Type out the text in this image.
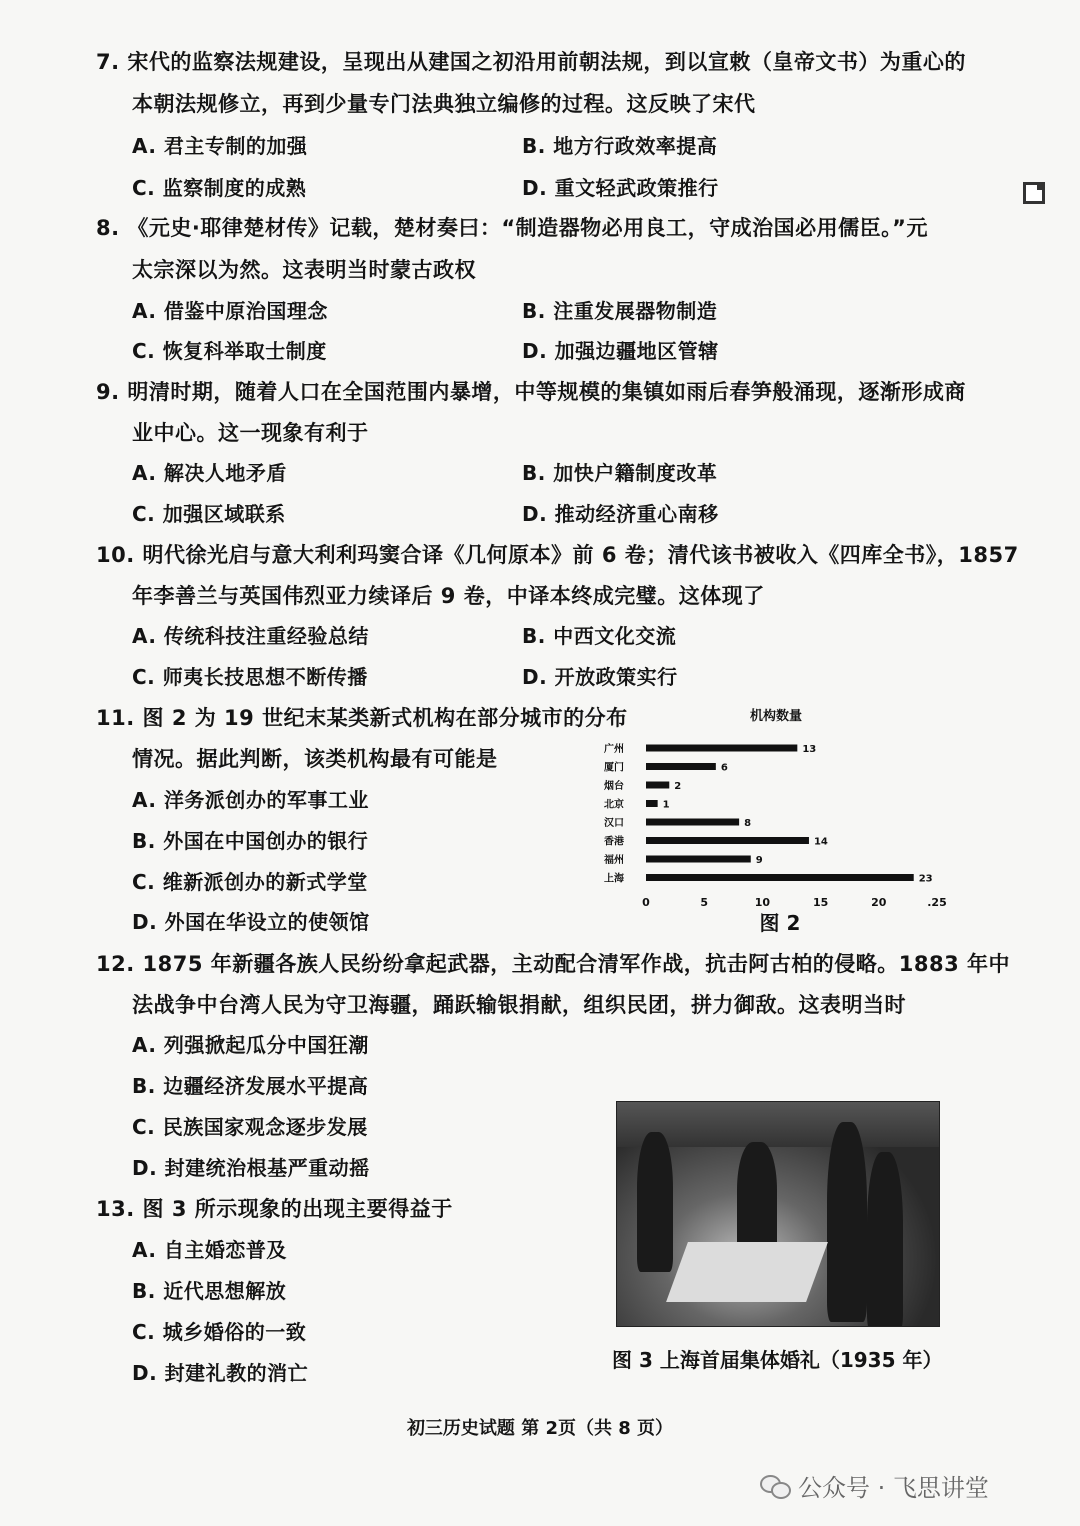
7. 宋代的监察法规建设，呈现出从建国之初沿用前朝法规，到以宣敕（皇帝文书）为重心的
本朝法规修立，再到少量专门法典独立编修的过程。这反映了宋代
A. 君主专制的加强	B. 地方行政效率提高
C. 监察制度的成熟	D. 重文轻武政策推行
8. 《元史·耶律楚材传》记载，楚材奏曰：“制造器物必用良工，守成治国必用儒臣。”元
太宗深以为然。这表明当时蒙古政权
A. 借鉴中原治国理念	B. 注重发展器物制造
C. 恢复科举取士制度	D. 加强边疆地区管辖
9. 明清时期，随着人口在全国范围内暴增，中等规模的集镇如雨后春笋般涌现，逐渐形成商
业中心。这一现象有利于
A. 解决人地矛盾	B. 加快户籍制度改革
C. 加强区域联系	D. 推动经济重心南移
10. 明代徐光启与意大利利玛窦合译《几何原本》前 6 卷；清代该书被收入《四库全书》，1857
年李善兰与英国伟烈亚力续译后 9 卷，中译本终成完璧。这体现了
A. 传统科技注重经验总结	B. 中西文化交流
C. 师夷长技思想不断传播	D. 开放政策实行
11. 图 2 为 19 世纪末某类新式机构在部分城市的分布
情况。据此判断，该类机构最有可能是
A. 洋务派创办的军事工业
B. 外国在中国创办的银行
C. 维新派创办的新式学堂
D. 外国在华设立的使领馆
机构数量
广州	13
厦门	6
烟台	2
北京	1
汉口	8
香港	14
福州	9
上海	23
0	5	10	15	20	.25
图 2
12. 1875 年新疆各族人民纷纷拿起武器，主动配合清军作战，抗击阿古柏的侵略。1883 年中
法战争中台湾人民为守卫海疆，踊跃输银捐献，组织民团，拼力御敌。这表明当时
A. 列强掀起瓜分中国狂潮
B. 边疆经济发展水平提高
C. 民族国家观念逐步发展
D. 封建统治根基严重动摇
13. 图 3 所示现象的出现主要得益于
A. 自主婚恋普及
B. 近代思想解放
C. 城乡婚俗的一致
D. 封建礼教的消亡
图 3 上海首届集体婚礼（1935 年）
初三历史试题 第 2页（共 8 页）
公众号 · 飞思讲堂
